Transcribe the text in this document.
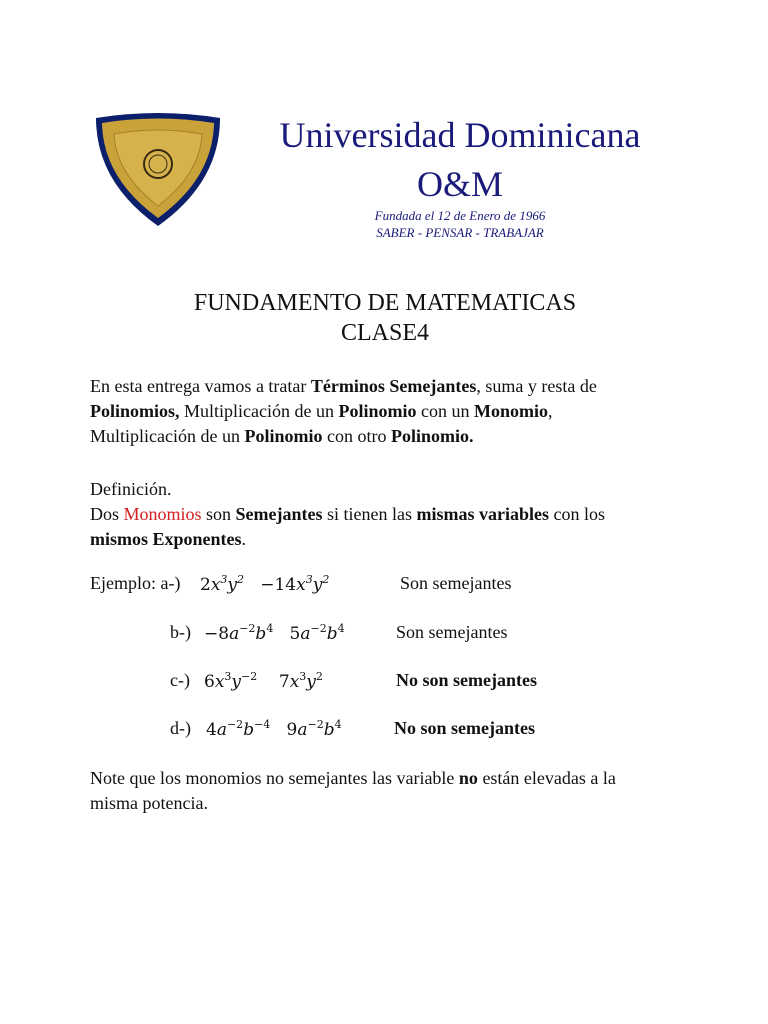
Universidad Dominicana
O&M
Fundada el 12 de Enero de 1966
SABER - PENSAR - TRABAJAR
FUNDAMENTO DE MATEMATICAS
CLASE4
En esta entrega vamos a tratar Términos Semejantes, suma y resta de
Polinomios, Multiplicación de un Polinomio con un Monomio,
Multiplicación de un Polinomio con otro Polinomio.
Definición.
Dos Monomios son Semejantes si tienen las mismas variables con los
mismos Exponentes.
Ejemplo: a-) $2x^3y^2 -14x^3y^2$	Son semejantes
$b-) -8a^{-2}b^4$ $5a^{-2}b^4$	Son semejantes
c-) $6x^3y^{-2}$ $7x^3y^2$	No son semejantes
d-) $4a^{-2}b^{-4}$ $9a^{-2}b^4$	No son semejantes
Note que los monomios no semejantes las variable no están elevadas a la
misma potencia.
